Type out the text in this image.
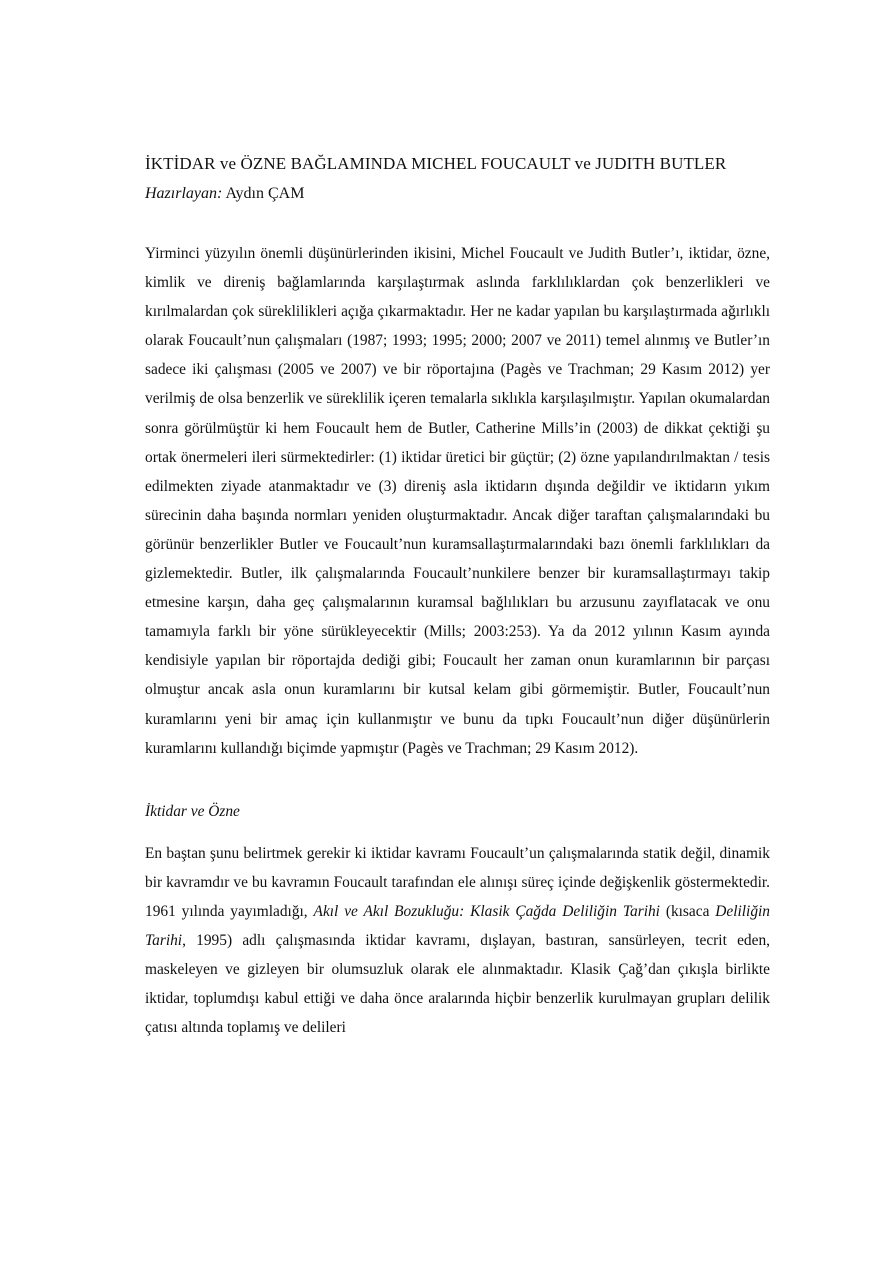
İKTİDAR ve ÖZNE BAĞLAMINDA MICHEL FOUCAULT ve JUDITH BUTLER

Hazırlayan: Aydın ÇAM

Yirminci yüzyılın önemli düşünürlerinden ikisini, Michel Foucault ve Judith Butler’ı, iktidar, özne, kimlik ve direniş bağlamlarında karşılaştırmak aslında farklılıklardan çok benzerlikleri ve kırılmalardan çok süreklilikleri açığa çıkarmaktadır. Her ne kadar yapılan bu karşılaştırmada ağırlıklı olarak Foucault’nun çalışmaları (1987; 1993; 1995; 2000; 2007 ve 2011) temel alınmış ve Butler’ın sadece iki çalışması (2005 ve 2007) ve bir röportajına (Pagès ve Trachman; 29 Kasım 2012) yer verilmiş de olsa benzerlik ve süreklilik içeren temalarla sıklıkla karşılaşılmıştır. Yapılan okumalardan sonra görülmüştür ki hem Foucault hem de Butler, Catherine Mills’in (2003) de dikkat çektiği şu ortak önermeleri ileri sürmektedirler: (1) iktidar üretici bir güçtür; (2) özne yapılandırılmaktan / tesis edilmekten ziyade atanmaktadır ve (3) direniş asla iktidarın dışında değildir ve iktidarın yıkım sürecinin daha başında normları yeniden oluşturmaktadır. Ancak diğer taraftan çalışmalarındaki bu görünür benzerlikler Butler ve Foucault’nun kuramsallaştırmalarındaki bazı önemli farklılıkları da gizlemektedir. Butler, ilk çalışmalarında Foucault’nunkilere benzer bir kuramsallaştırmayı takip etmesine karşın, daha geç çalışmalarının kuramsal bağlılıkları bu arzusunu zayıflatacak ve onu tamamıyla farklı bir yöne sürükleyecektir (Mills; 2003:253). Ya da 2012 yılının Kasım ayında kendisiyle yapılan bir röportajda dediği gibi; Foucault her zaman onun kuramlarının bir parçası olmuştur ancak asla onun kuramlarını bir kutsal kelam gibi görmemiştir. Butler, Foucault’nun kuramlarını yeni bir amaç için kullanmıştır ve bunu da tıpkı Foucault’nun diğer düşünürlerin kuramlarını kullandığı biçimde yapmıştır (Pagès ve Trachman; 29 Kasım 2012).

İktidar ve Özne

En baştan şunu belirtmek gerekir ki iktidar kavramı Foucault’un çalışmalarında statik değil, dinamik bir kavramdır ve bu kavramın Foucault tarafından ele alınışı süreç içinde değişkenlik göstermektedir. 1961 yılında yayımladığı, Akıl ve Akıl Bozukluğu: Klasik Çağda Deliliğin Tarihi (kısaca Deliliğin Tarihi, 1995) adlı çalışmasında iktidar kavramı, dışlayan, bastıran, sansürleyen, tecrit eden, maskeleyen ve gizleyen bir olumsuzluk olarak ele alınmaktadır. Klasik Çağ’dan çıkışla birlikte iktidar, toplumdışı kabul ettiği ve daha önce aralarında hiçbir benzerlik kurulmayan grupları delilik çatısı altında toplamış ve delileri
